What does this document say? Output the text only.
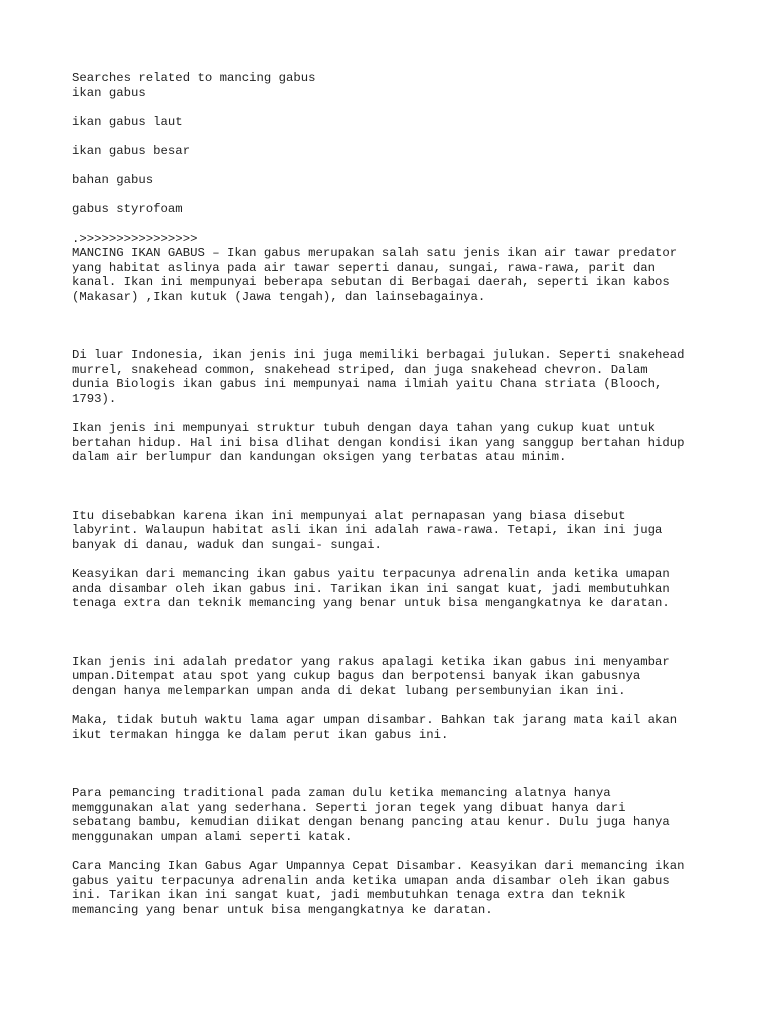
Searches related to mancing gabus
ikan gabus
ikan gabus laut
ikan gabus besar
bahan gabus
gabus styrofoam
.>>>>>>>>>>>>>>>>
MANCING IKAN GABUS – Ikan gabus merupakan salah satu jenis ikan air tawar predator
yang habitat aslinya pada air tawar seperti danau, sungai, rawa-rawa, parit dan
kanal. Ikan ini mempunyai beberapa sebutan di Berbagai daerah, seperti ikan kabos
(Makasar) ,Ikan kutuk (Jawa tengah), dan lainsebagainya.
Di luar Indonesia, ikan jenis ini juga memiliki berbagai julukan. Seperti snakehead
murrel, snakehead common, snakehead striped, dan juga snakehead chevron. Dalam
dunia Biologis ikan gabus ini mempunyai nama ilmiah yaitu Chana striata (Blooch,
1793).
Ikan jenis ini mempunyai struktur tubuh dengan daya tahan yang cukup kuat untuk
bertahan hidup. Hal ini bisa dlihat dengan kondisi ikan yang sanggup bertahan hidup
dalam air berlumpur dan kandungan oksigen yang terbatas atau minim.
Itu disebabkan karena ikan ini mempunyai alat pernapasan yang biasa disebut
labyrint. Walaupun habitat asli ikan ini adalah rawa-rawa. Tetapi, ikan ini juga
banyak di danau, waduk dan sungai- sungai.
Keasyikan dari memancing ikan gabus yaitu terpacunya adrenalin anda ketika umapan
anda disambar oleh ikan gabus ini. Tarikan ikan ini sangat kuat, jadi membutuhkan
tenaga extra dan teknik memancing yang benar untuk bisa mengangkatnya ke daratan.
Ikan jenis ini adalah predator yang rakus apalagi ketika ikan gabus ini menyambar
umpan.Ditempat atau spot yang cukup bagus dan berpotensi banyak ikan gabusnya
dengan hanya melemparkan umpan anda di dekat lubang persembunyian ikan ini.
Maka, tidak butuh waktu lama agar umpan disambar. Bahkan tak jarang mata kail akan
ikut termakan hingga ke dalam perut ikan gabus ini.
Para pemancing traditional pada zaman dulu ketika memancing alatnya hanya
memggunakan alat yang sederhana. Seperti joran tegek yang dibuat hanya dari
sebatang bambu, kemudian diikat dengan benang pancing atau kenur. Dulu juga hanya
menggunakan umpan alami seperti katak.
Cara Mancing Ikan Gabus Agar Umpannya Cepat Disambar. Keasyikan dari memancing ikan
gabus yaitu terpacunya adrenalin anda ketika umapan anda disambar oleh ikan gabus
ini. Tarikan ikan ini sangat kuat, jadi membutuhkan tenaga extra dan teknik
memancing yang benar untuk bisa mengangkatnya ke daratan.
